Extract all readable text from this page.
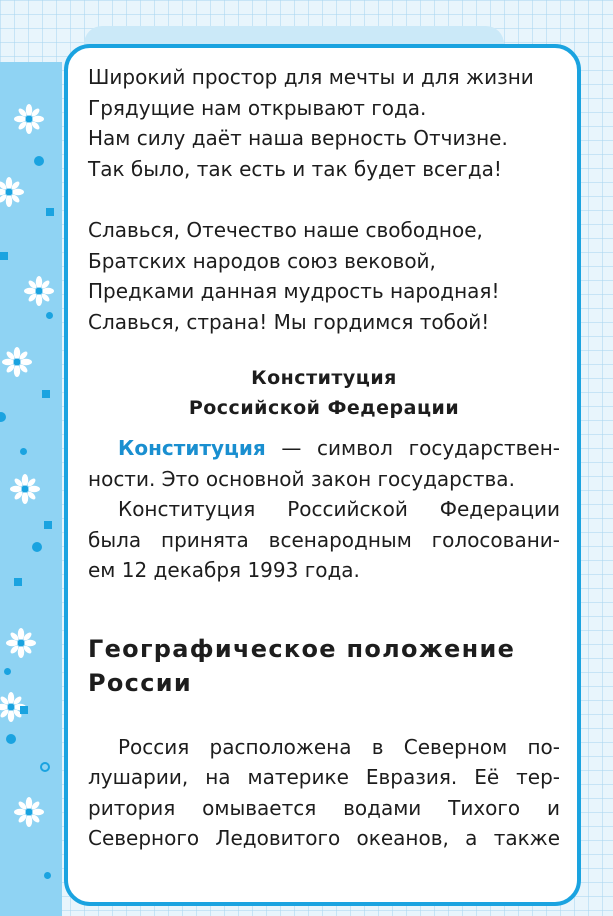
Широкий простор для мечты и для жизни
Грядущие нам открывают года.
Нам силу даёт наша верность Отчизне.
Так было, так есть и так будет всегда!
Славься, Отечество наше свободное,
Братских народов союз вековой,
Предками данная мудрость народная!
Славься, страна! Мы гордимся тобой!
Конституция
Российской Федерации
Конституция — символ государствен-
ности. Это основной закон государства.
Конституция Российской Федерации
была принята всенародным голосовани-
ем 12 декабря 1993 года.
Географическое положение
России
Россия расположена в Северном по-
лушарии, на материке Евразия. Её тер-
ритория омывается водами Тихого и
Северного Ледовитого океанов, а также
